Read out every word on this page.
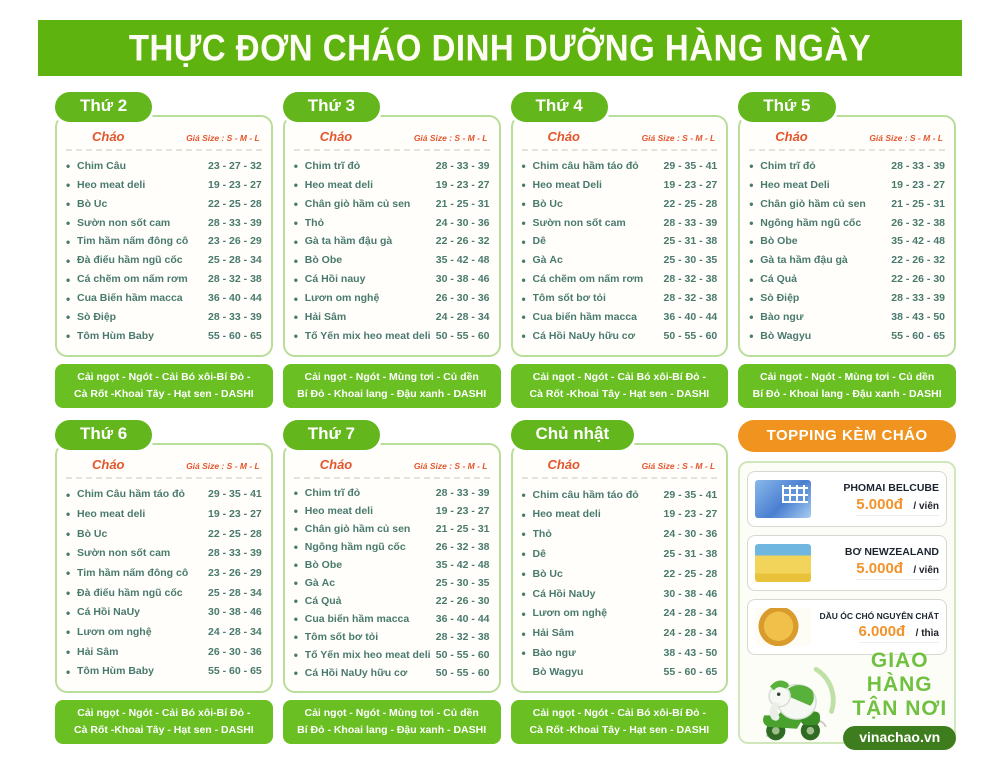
THỰC ĐƠN CHÁO DINH DƯỠNG HÀNG NGÀY
Thứ 2
Cháo	Giá Size : S - M - L
• Chim Câu	23 - 27 - 32
• Heo meat deli	19 - 23 - 27
• Bò Úc	22 - 25 - 28
• Sườn non sốt cam	28 - 33 - 39
• Tim hầm nấm đông cô	23 - 26 - 29
• Đà điểu hầm ngũ cốc	25 - 28 - 34
• Cá chẽm om nấm rơm	28 - 32 - 38
• Cua Biển hầm macca	36 - 40 - 44
• Sò Điệp	28 - 33 - 39
• Tôm Hùm Baby	55 - 60 - 65
Cải ngọt - Ngót - Cải Bó xôi-Bí Đỏ -
Cà Rốt -Khoai Tây - Hạt sen - DASHI
Thứ 3
Cháo	Giá Size : S - M - L
• Chim trĩ đỏ	28 - 33 - 39
• Heo meat deli	19 - 23 - 27
• Chân giò hầm củ sen	21 - 25 - 31
• Thỏ	24 - 30 - 36
• Gà ta hầm đậu gà	22 - 26 - 32
• Bò Obe	35 - 42 - 48
• Cá Hồi nauy	30 - 38 - 46
• Lươn om nghệ	26 - 30 - 36
• Hải Sâm	24 - 28 - 34
• Tổ Yến mix heo meat deli 50 - 55 - 60
Cải ngọt - Ngót - Mùng tơi - Củ dền
Bí Đỏ - Khoai lang - Đậu xanh - DASHI
Thứ 4
Cháo	Giá Size : S - M - L
• Chim câu hầm táo đỏ	29 - 35 - 41
• Heo meat Deli	19 - 23 - 27
• Bò Úc	22 - 25 - 28
• Sườn non sốt cam	28 - 33 - 39
• Dê	25 - 31 - 38
• Gà Ác	25 - 30 - 35
• Cá chẽm om nấm rơm	28 - 32 - 38
• Tôm sốt bơ tỏi	28 - 32 - 38
• Cua biển hầm macca	36 - 40 - 44
• Cá Hồi NaUy hữu cơ	50 - 55 - 60
Cải ngọt - Ngót - Cải Bó xôi-Bí Đỏ -
Cà Rốt -Khoai Tây - Hạt sen - DASHI
Thứ 5
Cháo	Giá Size : S - M - L
• Chim trĩ đỏ	28 - 33 - 39
• Heo meat Deli	19 - 23 - 27
• Chân giò hầm củ sen	21 - 25 - 31
• Ngỗng hầm ngũ cốc	26 - 32 - 38
• Bò Obe	35 - 42 - 48
• Gà ta hầm đậu gà	22 - 26 - 32
• Cá Quả	22 - 26 - 30
• Sò Điệp	28 - 33 - 39
• Bào ngư	38 - 43 - 50
• Bò Wagyu	55 - 60 - 65
Cải ngọt - Ngót - Mùng tơi - Củ dền
Bí Đỏ - Khoai lang - Đậu xanh - DASHI
Thứ 6
Cháo	Giá Size : S - M - L
• Chim Câu hầm táo đỏ	29 - 35 - 41
• Heo meat deli	19 - 23 - 27
• Bò Úc	22 - 25 - 28
• Sườn non sốt cam	28 - 33 - 39
• Tim hầm nấm đông cô	23 - 26 - 29
• Đà điểu hầm ngũ cốc	25 - 28 - 34
• Cá Hồi NaUy	30 - 38 - 46
• Lươn om nghệ	24 - 28 - 34
• Hải Sâm	26 - 30 - 36
• Tôm Hùm Baby	55 - 60 - 65
Cải ngọt - Ngót - Cải Bó xôi-Bí Đỏ -
Cà Rốt -Khoai Tây - Hạt sen - DASHI
Thứ 7
Cháo	Giá Size : S - M - L
• Chim trĩ đỏ	28 - 33 - 39
• Heo meat deli	19 - 23 - 27
• Chân giò hầm củ sen	21 - 25 - 31
• Ngỗng hầm ngũ cốc	26 - 32 - 38
• Bò Obe	35 - 42 - 48
• Gà Ác	25 - 30 - 35
• Cá Quả	22 - 26 - 30
• Cua biển hầm macca	36 - 40 - 44
• Tôm sốt bơ tỏi	28 - 32 - 38
• Tổ Yến mix heo meat deli 50 - 55 - 60
• Cá Hồi NaUy hữu cơ	50 - 55 - 60
Cải ngọt - Ngót - Mùng tơi - Củ dền
Bí Đỏ - Khoai lang - Đậu xanh - DASHI
Chủ nhật
Cháo	Giá Size : S - M - L
• Chim câu hầm táo đỏ	29 - 35 - 41
• Heo meat deli	19 - 23 - 27
• Thỏ	24 - 30 - 36
• Dê	25 - 31 - 38
• Bò Úc	22 - 25 - 28
• Cá Hồi NaUy	30 - 38 - 46
• Lươn om nghệ	24 - 28 - 34
• Hải Sâm	24 - 28 - 34
• Bào ngư	38 - 43 - 50
Bò Wagyu	55 - 60 - 65
Cải ngọt - Ngót - Cải Bó xôi-Bí Đỏ -
Cà Rốt -Khoai Tây - Hạt sen - DASHI
TOPPING KÈM CHÁO
PHOMAI BELCUBE
5.000đ / viên
BƠ NEWZEALAND
5.000đ / viên
DẦU ÓC CHÓ NGUYÊN CHẤT
6.000đ / thìa
GIAO HÀNG
TẬN NƠI
vinachao.vn
